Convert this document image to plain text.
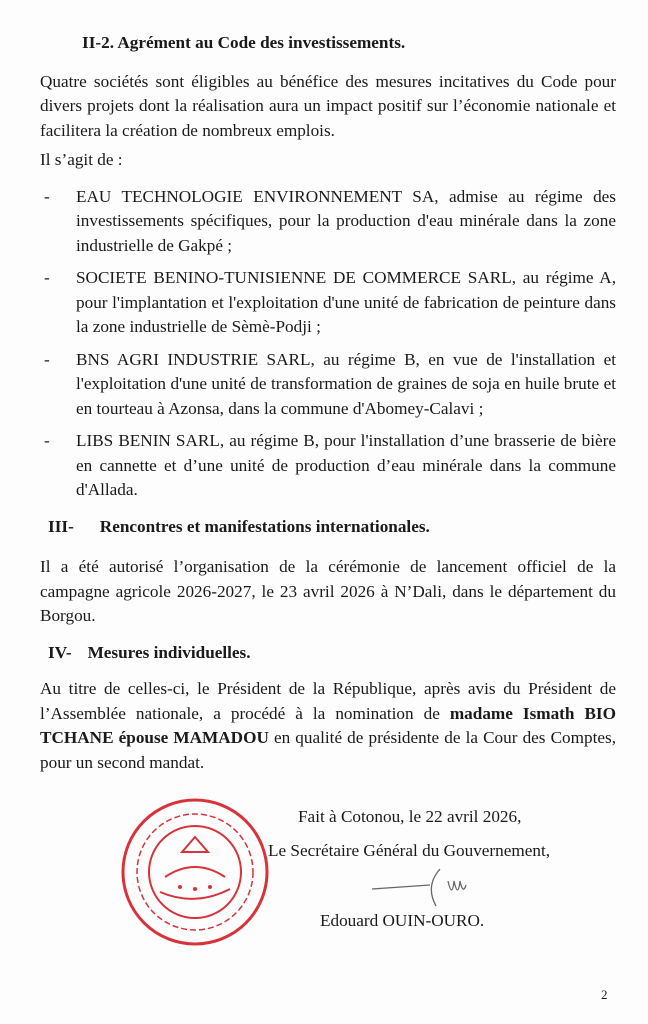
II-2. Agrément au Code des investissements.
Quatre sociétés sont éligibles au bénéfice des mesures incitatives du Code pour divers projets dont la réalisation aura un impact positif sur l’économie nationale et facilitera la création de nombreux emplois.
Il s’agit de :
- EAU TECHNOLOGIE ENVIRONNEMENT SA, admise au régime des investissements spécifiques, pour la production d'eau minérale dans la zone industrielle de Gakpé ;
- SOCIETE BENINO-TUNISIENNE DE COMMERCE SARL, au régime A, pour l'implantation et l'exploitation d'une unité de fabrication de peinture dans la zone industrielle de Sèmè-Podji ;
- BNS AGRI INDUSTRIE SARL, au régime B, en vue de l'installation et l'exploitation d'une unité de transformation de graines de soja en huile brute et en tourteau à Azonsa, dans la commune d'Abomey-Calavi ;
- LIBS BENIN SARL, au régime B, pour l'installation d’une brasserie de bière en cannette et d’une unité de production d’eau minérale dans la commune d'Allada.
III- Rencontres et manifestations internationales.
Il a été autorisé l’organisation de la cérémonie de lancement officiel de la campagne agricole 2026-2027, le 23 avril 2026 à N’Dali, dans le département du Borgou.
IV- Mesures individuelles.
Au titre de celles-ci, le Président de la République, après avis du Président de l’Assemblée nationale, a procédé à la nomination de madame Ismath BIO TCHANE épouse MAMADOU en qualité de présidente de la Cour des Comptes, pour un second mandat.
Fait à Cotonou, le 22 avril 2026,
Le Secrétaire Général du Gouvernement,
Edouard OUIN-OURO.
2
